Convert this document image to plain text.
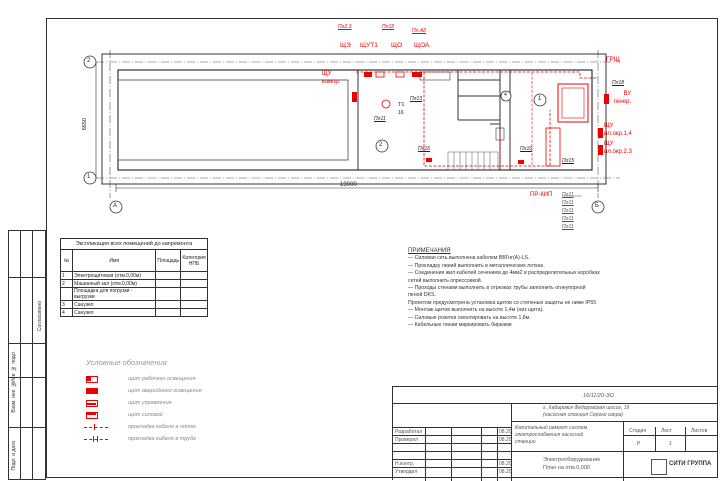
Согласовано
Взам. инв. №
Подп. и дата
Инв. № подл.
2
1
А	Б
19000
6650
2
1
4
Пл2.3	Пл12
Пл.А2
ЩЭ ЩУТ1 ЩО ЩОА
ЩУ
компр.
ГРЩ
ВУ
генер.
ЩУ
ил.окр.1,4
ЩУ
ил.окр.2,3
Т1
16
Пл13
Пл11
Пл18
Пл16	Пл16
Пл15
ПР-КИП Пл11
Пл11
Пл11
Пл11
Пл11
Экспликация всех помещений до капремонта			
№	Имя	Площадь	Категория НПБ
1	Электрощитовая (отм.0,00м)		
2	Машинный зал (отм.0,00м)		
	Площадка для погрузки - выгрузки		
3	Санузел		
4	Санузел		
Условные обозначения
щит рабочего освещения
щит аварийного освещения
щит управления
щит силовой
прокладка кабеля в лотке
прокладка кабеля в трубе
ПРИМЕЧАНИЯ
— Силовая сеть выполнена кабелем ВВГнг(А)-LS.
— Прокладку линий выполнить в металлических лотках.
— Соединения жил кабелей сечением до 4мм2 в распределительных коробках
сетей выполнить опрессовкой.
— Проходы стенами выполнить в отрезках трубы заполнить огнеупорной
пеной DKS.
Проектом предусмотрена установка щитов со степенью защиты не ниже IP55
— Монтаж щитов выполнить на высоте 1,4м (низ щита).
— Силовые розетки смонтировать на высоте 1,8м.
— Кабельные линии маркировать бирками
16/11/20-ЭО
г. Хабаровск Федоровская шоссе, 19
(насосная станция Серого озера)
Капитальный ремонт систем
электроснабжения насосной
станции
Стадия	Лист	Листов
Р	1
Разработал
Проверил
Н.контр.
Утвердил
08.20
08.20
08.20
08.20
Электрооборудование
План на отм.0,000
СИТИ ГРУППА
